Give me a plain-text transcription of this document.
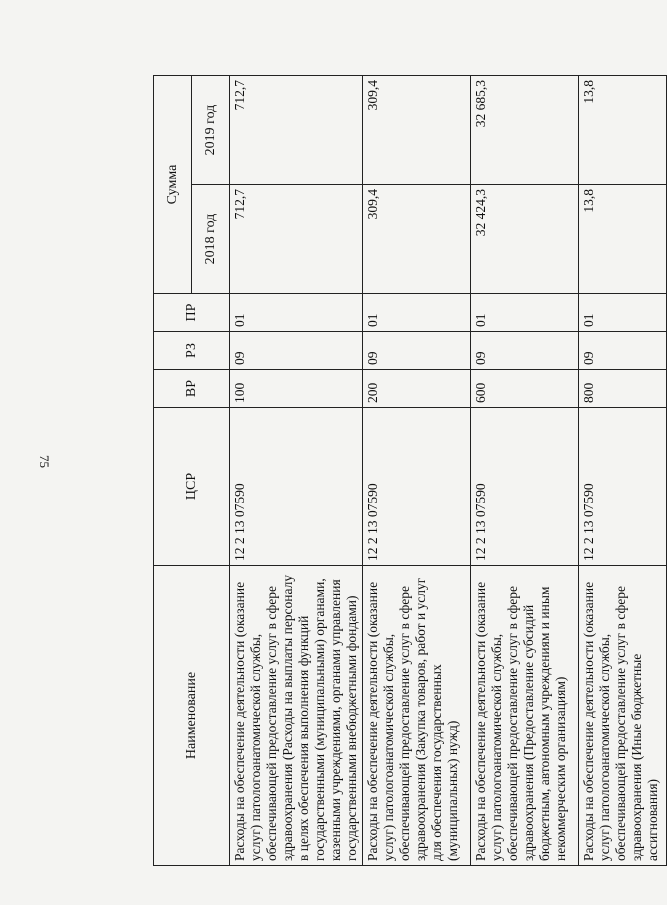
75
Наименование	ЦСР	ВР	РЗ	ПР	Сумма	
					2018 год	2019 год
Расходы на обеспечение деятельности (оказание услуг) патологоанатомической службы, обеспечивающей предоставление услуг в сфере здравоохранения (Расходы на выплаты персоналу в целях обеспечения выполнения функций государственными (муниципальными) органами, казенными учреждениями, органами управления государственными внебюджетными фондами)	12 2 13 07590	100	09	01	712,7	712,7
Расходы на обеспечение деятельности (оказание услуг) патологоанатомической службы, обеспечивающей предоставление услуг в сфере здравоохранения (Закупка товаров, работ и услуг для обеспечения государственных (муниципальных) нужд)	12 2 13 07590	200	09	01	309,4	309,4
Расходы на обеспечение деятельности (оказание услуг) патологоанатомической службы, обеспечивающей предоставление услуг в сфере здравоохранения (Предоставление субсидий бюджетным, автономным учреждениям и иным некоммерческим организациям)	12 2 13 07590	600	09	01	32 424,3	32 685,3
Расходы на обеспечение деятельности (оказание услуг) патологоанатомической службы, обеспечивающей предоставление услуг в сфере здравоохранения (Иные бюджетные ассигнования)	12 2 13 07590	800	09	01	13,8	13,8
